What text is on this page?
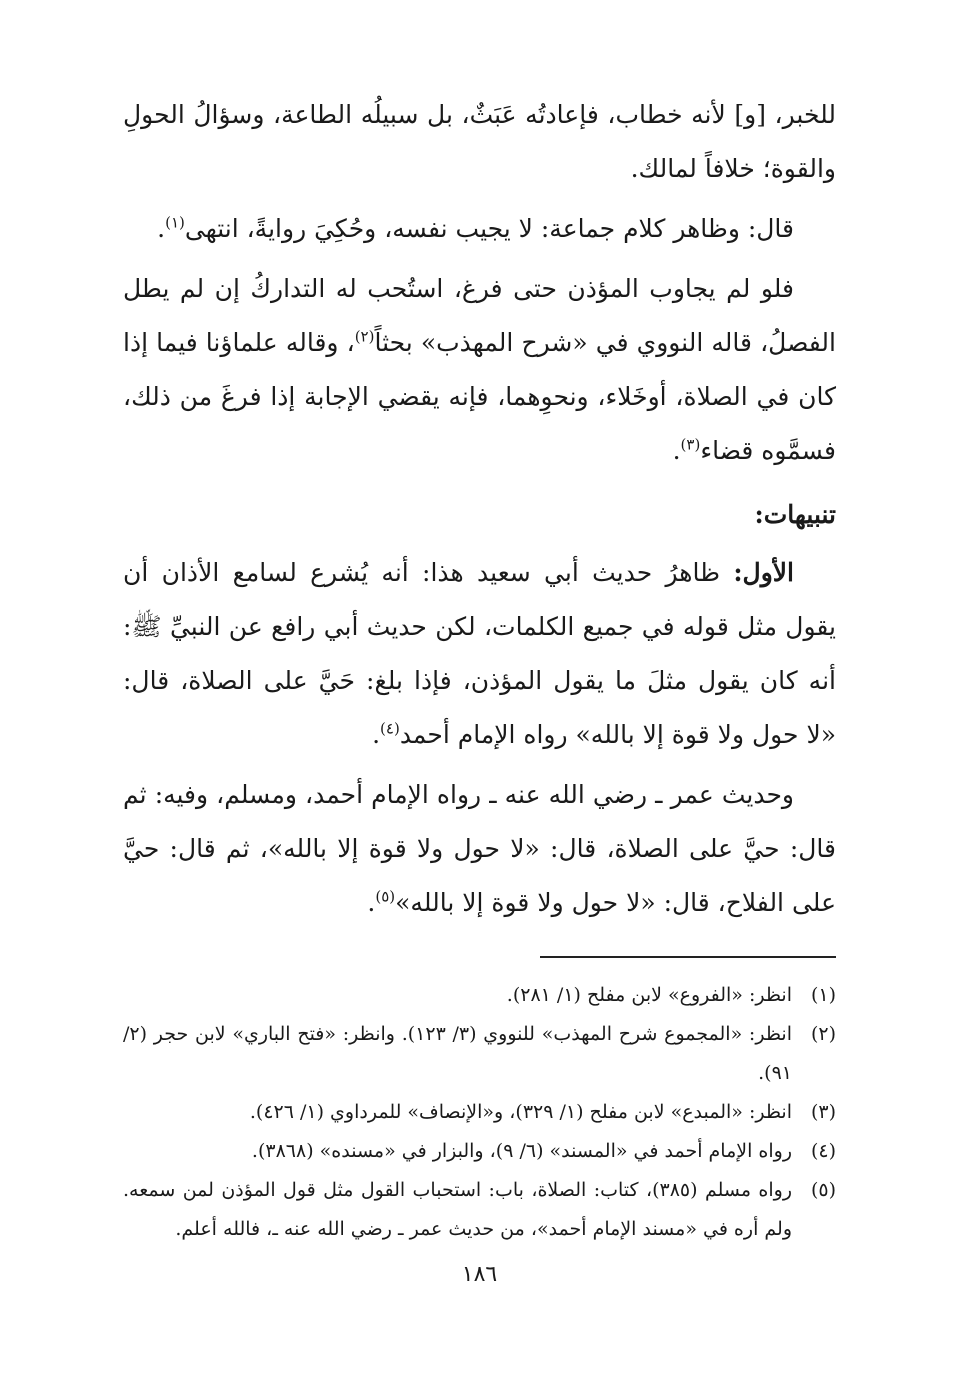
للخبر، [و] لأنه خطاب، فإعادتُه عَبَثٌ، بل سبيلُه الطاعة، وسؤالُ الحولِ والقوة؛ خلافاً لمالك.

قال: وظاهر كلام جماعة: لا يجيب نفسه، وحُكِيَ روايةً، انتهى$^{(١)}$.

فلو لم يجاوب المؤذن حتى فرغ، استُحب له التداركُ إن لم يطل الفصلُ، قاله النووي في «شرح المهذب» بحثاً$^{(٢)}$، وقاله علماؤنا فيما إذا كان في الصلاة، أوخَلاء، ونحوِهما، فإنه يقضي الإجابة إذا فرغَ من ذلك، فسمَّوه قضاء$^{(٣)}$.

تنبيهات:

الأول: ظاهرُ حديث أبي سعيد هذا: أنه يُشرع لسامع الأذان أن يقول مثل قوله في جميع الكلمات، لكن حديث أبي رافع عن النبيِّ ﷺ: أنه كان يقول مثلَ ما يقول المؤذن، فإذا بلغ: حَيَّ على الصلاة، قال: «لا حول ولا قوة إلا بالله» رواه الإمام أحمد$^{(٤)}$.

وحديث عمر ـ رضي الله عنه ـ رواه الإمام أحمد، ومسلم، وفيه: ثم قال: حيَّ على الصلاة، قال: «لا حول ولا قوة إلا بالله»، ثم قال: حيَّ على الفلاح، قال: «لا حول ولا قوة إلا بالله»$^{(٥)}$.

(١)
انظر: «الفروع» لابن مفلح (١/ ٢٨١).
(٢)
انظر: «المجموع شرح المهذب» للنووي (٣/ ١٢٣). وانظر: «فتح الباري» لابن حجر (٢/ ٩١).
(٣)
انظر: «المبدع» لابن مفلح (١/ ٣٢٩)، و«الإنصاف» للمرداوي (١/ ٤٢٦).
(٤)
رواه الإمام أحمد في «المسند» (٦/ ٩)، والبزار في «مسنده» (٣٨٦٨).
(٥)
رواه مسلم (٣٨٥)، كتاب: الصلاة، باب: استحباب القول مثل قول المؤذن لمن سمعه. ولم أره في «مسند الإمام أحمد»، من حديث عمر ـ رضي الله عنه ـ، فالله أعلم.
١٨٦
